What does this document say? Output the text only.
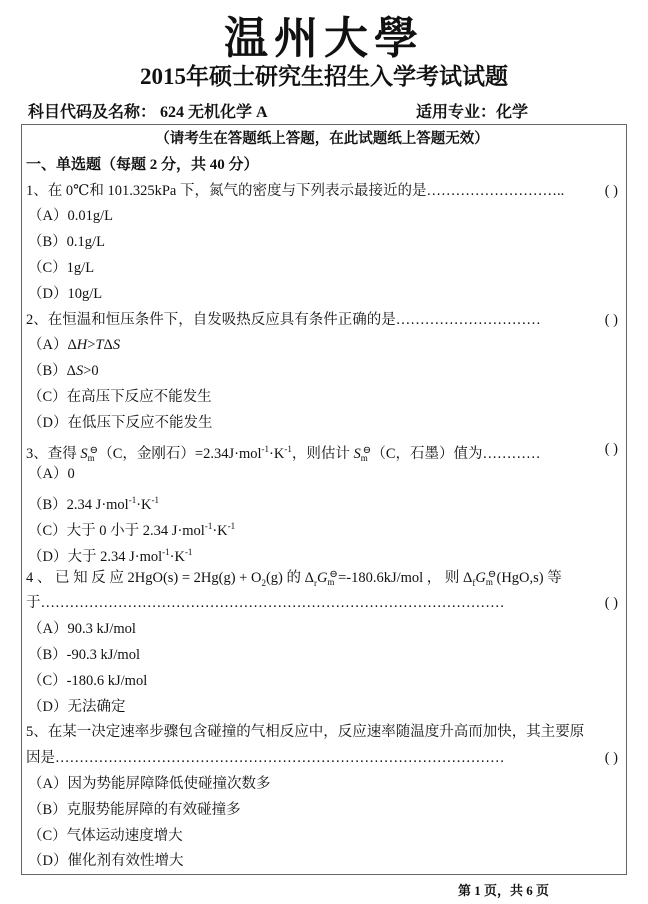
温州大學
2015年硕士研究生招生入学考试试题
科目代码及名称： 624 无机化学 A	适用专业：化学
（请考生在答题纸上答题，在此试题纸上答题无效）
一、单选题（每题 2 分，共 40 分）
1、在 0℃和 101.325kPa 下，氮气的密度与下列表示最接近的是………………………..	( )
（A）0.01g/L
（B）0.1g/L
（C）1g/L
（D）10g/L
2、在恒温和恒压条件下，自发吸热反应具有条件正确的是…………………………	( )
（A）ΔH>TΔS
（B）ΔS>0
（C）在高压下反应不能发生
（D）在低压下反应不能发生
3、查得 $S_m$ ⊖ （C，金刚石）$=2.34J\cdot mol^{-1}\cdot K^{-1}$，则估计 $S_m$ ⊖ （C，石墨）值为…………	( )
（A）0
（B）2.34 $J\cdot mol^{-1}\cdot K^{-1}$
（C）大于 0 小于 2.34 $J\cdot mol^{-1}\cdot K^{-1}$
（D）大于 2.34 $J\cdot mol^{-1}\cdot K^{-1}$
4 、 已 知 反 应 $2HgO(s) = 2Hg(g) + O_2(g)$ 的 $\Delta_rG_m$ ⊖ =-180.6kJ/mol ， 则 $\Delta_fG_m$ ⊖ (HgO,s) 等
于……………………………………………………………………………………	( )
（A）90.3 kJ/mol
（B）-90.3 kJ/mol
（C）-180.6 kJ/mol
（D）无法确定
5、在某一决定速率步骤包含碰撞的气相反应中，反应速率随温度升高而加快，其主要原
因是…………………………………………………………………………………	( )
（A）因为势能屏障降低使碰撞次数多
（B）克服势能屏障的有效碰撞多
（C）气体运动速度增大
（D）催化剂有效性增大
第 1 页，共 6 页
